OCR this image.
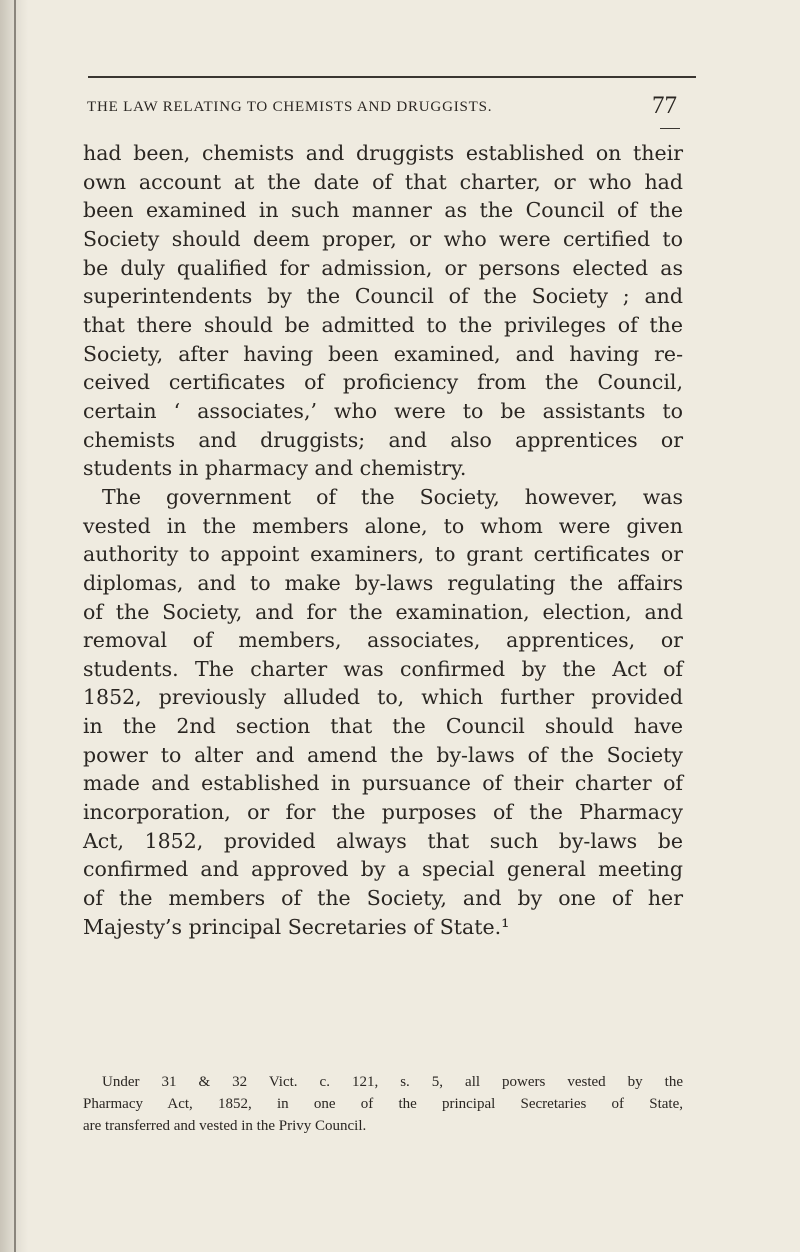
THE LAW RELATING TO CHEMISTS AND DRUGGISTS.	77
had been, chemists and druggists established on their
own account at the date of that charter, or who had
been examined in such manner as the Council of the
Society should deem proper, or who were certified to
be duly qualified for admission, or persons elected as
superintendents by the Council of the Society ; and
that there should be admitted to the privileges of the
Society, after having been examined, and having re-
ceived certificates of proficiency from the Council,
certain ‘ associates,’ who were to be assistants to
chemists and druggists; and also apprentices or
students in pharmacy and chemistry.
The government of the Society, however, was
vested in the members alone, to whom were given
authority to appoint examiners, to grant certificates or
diplomas, and to make by-laws regulating the affairs
of the Society, and for the examination, election, and
removal of members, associates, apprentices, or
students. The charter was confirmed by the Act of
1852, previously alluded to, which further provided
in the 2nd section that the Council should have
power to alter and amend the by-laws of the Society
made and established in pursuance of their charter of
incorporation, or for the purposes of the Pharmacy
Act, 1852, provided always that such by-laws be
confirmed and approved by a special general meeting
of the members of the Society, and by one of her
Majesty’s principal Secretaries of State.¹
Under 31 & 32 Vict. c. 121, s. 5, all powers vested by the
Pharmacy Act, 1852, in one of the principal Secretaries of State,
are transferred and vested in the Privy Council.
